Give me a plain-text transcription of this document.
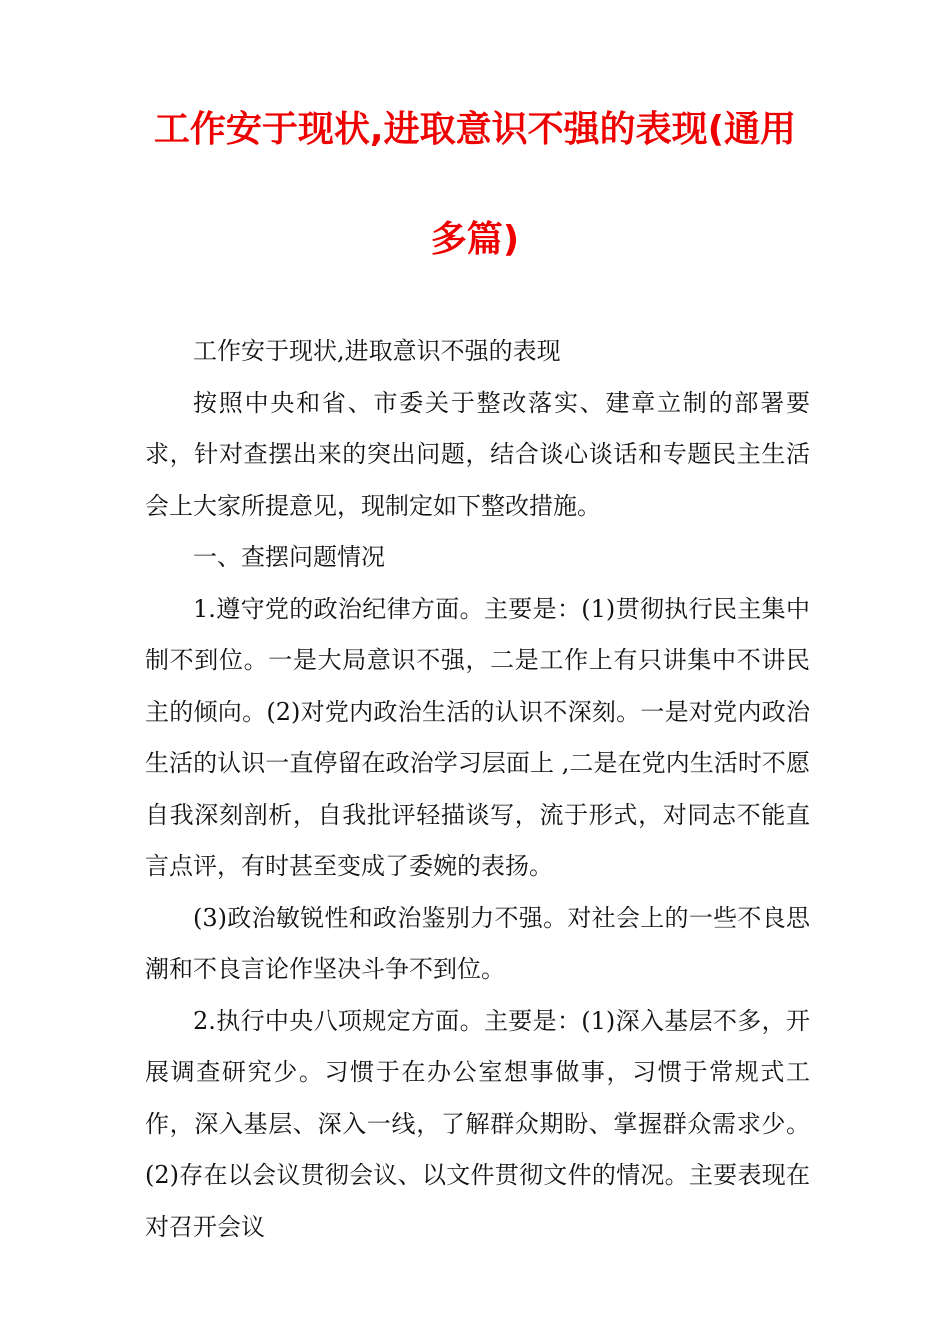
工作安于现状,进取意识不强的表现(通用多篇)

工作安于现状,进取意识不强的表现

按照中央和省、市委关于整改落实、建章立制的部署要求，针对查摆出来的突出问题，结合谈心谈话和专题民主生活会上大家所提意见，现制定如下整改措施。

一、查摆问题情况

1.遵守党的政治纪律方面。主要是：(1)贯彻执行民主集中制不到位。一是大局意识不强，二是工作上有只讲集中不讲民主的倾向。(2)对党内政治生活的认识不深刻。一是对党内政治生活的认识一直停留在政治学习层面上 ,二是在党内生活时不愿自我深刻剖析，自我批评轻描谈写，流于形式，对同志不能直言点评，有时甚至变成了委婉的表扬。

(3)政治敏锐性和政治鉴别力不强。对社会上的一些不良思潮和不良言论作坚决斗争不到位。

2.执行中央八项规定方面。主要是：(1)深入基层不多，开展调查研究少。习惯于在办公室想事做事，习惯于常规式工作，深入基层、深入一线，了解群众期盼、掌握群众需求少。(2)存在以会议贯彻会议、以文件贯彻文件的情况。主要表现在对召开会议
